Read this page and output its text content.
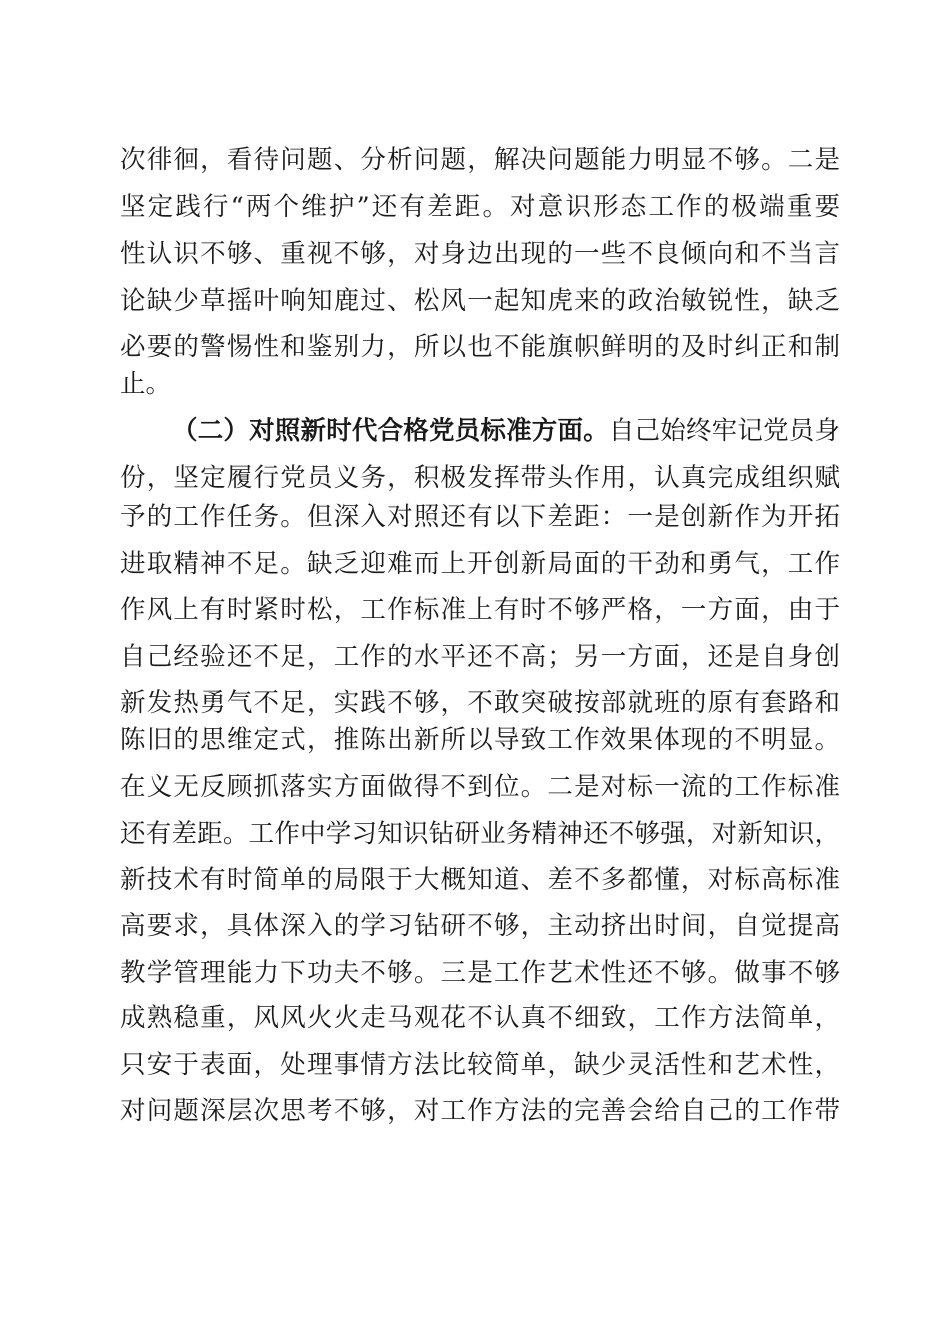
次徘徊，看待问题、分析问题，解决问题能力明显不够。二是
坚定践行“两个维护”还有差距。对意识形态工作的极端重要
性认识不够、重视不够，对身边出现的一些不良倾向和不当言
论缺少草摇叶响知鹿过、松风一起知虎来的政治敏锐性，缺乏
必要的警惕性和鉴别力，所以也不能旗帜鲜明的及时纠正和制
止。
（二）对照新时代合格党员标准方面。自己始终牢记党员身
份，坚定履行党员义务，积极发挥带头作用，认真完成组织赋
予的工作任务。但深入对照还有以下差距：一是创新作为开拓
进取精神不足。缺乏迎难而上开创新局面的干劲和勇气，工作
作风上有时紧时松，工作标准上有时不够严格，一方面，由于
自己经验还不足，工作的水平还不高；另一方面，还是自身创
新发热勇气不足，实践不够，不敢突破按部就班的原有套路和
陈旧的思维定式，推陈出新所以导致工作效果体现的不明显。
在义无反顾抓落实方面做得不到位。二是对标一流的工作标准
还有差距。工作中学习知识钻研业务精神还不够强，对新知识，
新技术有时简单的局限于大概知道、差不多都懂，对标高标准
高要求，具体深入的学习钻研不够，主动挤出时间，自觉提高
教学管理能力下功夫不够。三是工作艺术性还不够。做事不够
成熟稳重，风风火火走马观花不认真不细致，工作方法简单，
只安于表面，处理事情方法比较简单，缺少灵活性和艺术性，
对问题深层次思考不够，对工作方法的完善会给自己的工作带
